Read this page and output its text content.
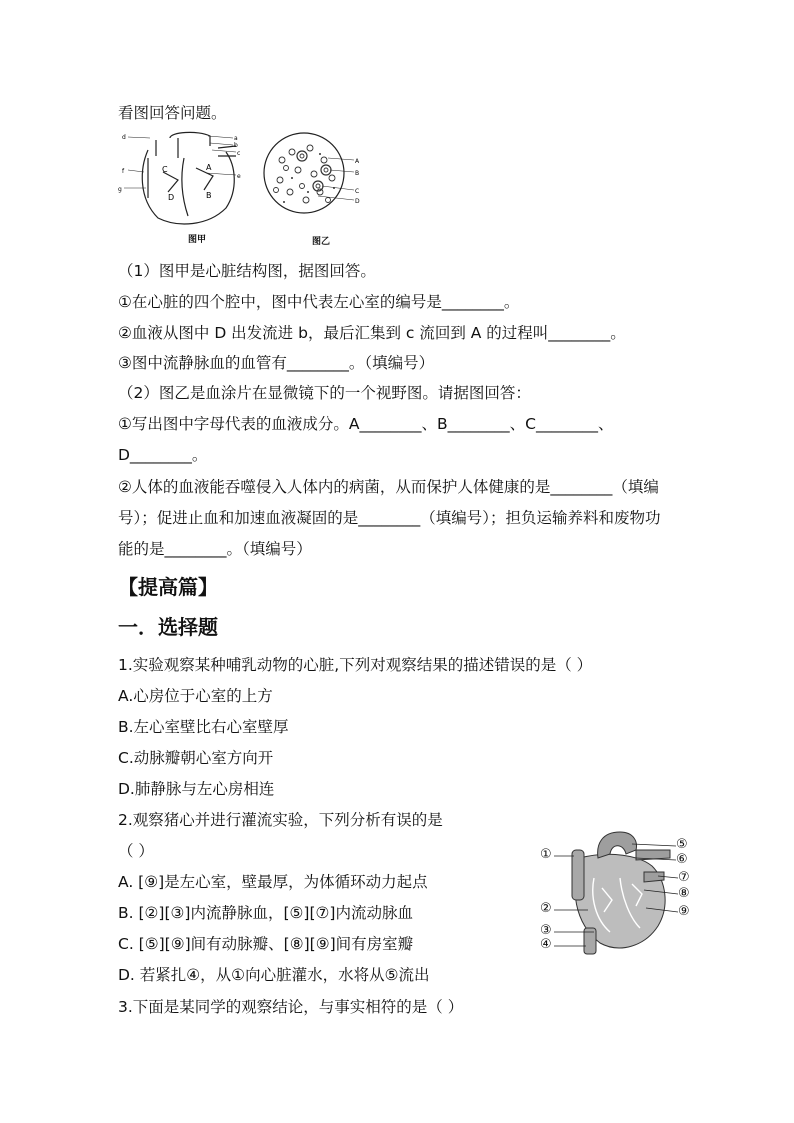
看图回答问题。
a
b
c
d
e
f
g
A
B
C
D
图甲
A
B
C
D
图乙
（1）图甲是心脏结构图，据图回答。
①在心脏的四个腔中，图中代表左心室的编号是________。
②血液从图中 D 出发流进 b，最后汇集到 c 流回到 A 的过程叫________。
③图中流静脉血的血管有________。（填编号）
（2）图乙是血涂片在显微镜下的一个视野图。请据图回答：
①写出图中字母代表的血液成分。A________、B________、C________、
D________。
②人体的血液能吞噬侵入人体内的病菌，从而保护人体健康的是________（填编
号）；促进止血和加速血液凝固的是________（填编号）；担负运输养料和废物功
能的是________。（填编号）
【提高篇】
一．选择题
1.实验观察某种哺乳动物的心脏,下列对观察结果的描述错误的是（ ）
A.心房位于心室的上方
B.左心室壁比右心室壁厚
C.动脉瓣朝心室方向开
D.肺静脉与左心房相连
2.观察猪心并进行灌流实验，下列分析有误的是
（ ）
A. [⑨]是左心室，壁最厚，为体循环动力起点
B. [②][③]内流静脉血，[⑤][⑦]内流动脉血
C. [⑤][⑨]间有动脉瓣、[⑧][⑨]间有房室瓣
D. 若紧扎④，从①向心脏灌水，水将从⑤流出
3.下面是某同学的观察结论，与事实相符的是（ ）
①
②
③
④
⑤
⑥
⑦
⑧
⑨
